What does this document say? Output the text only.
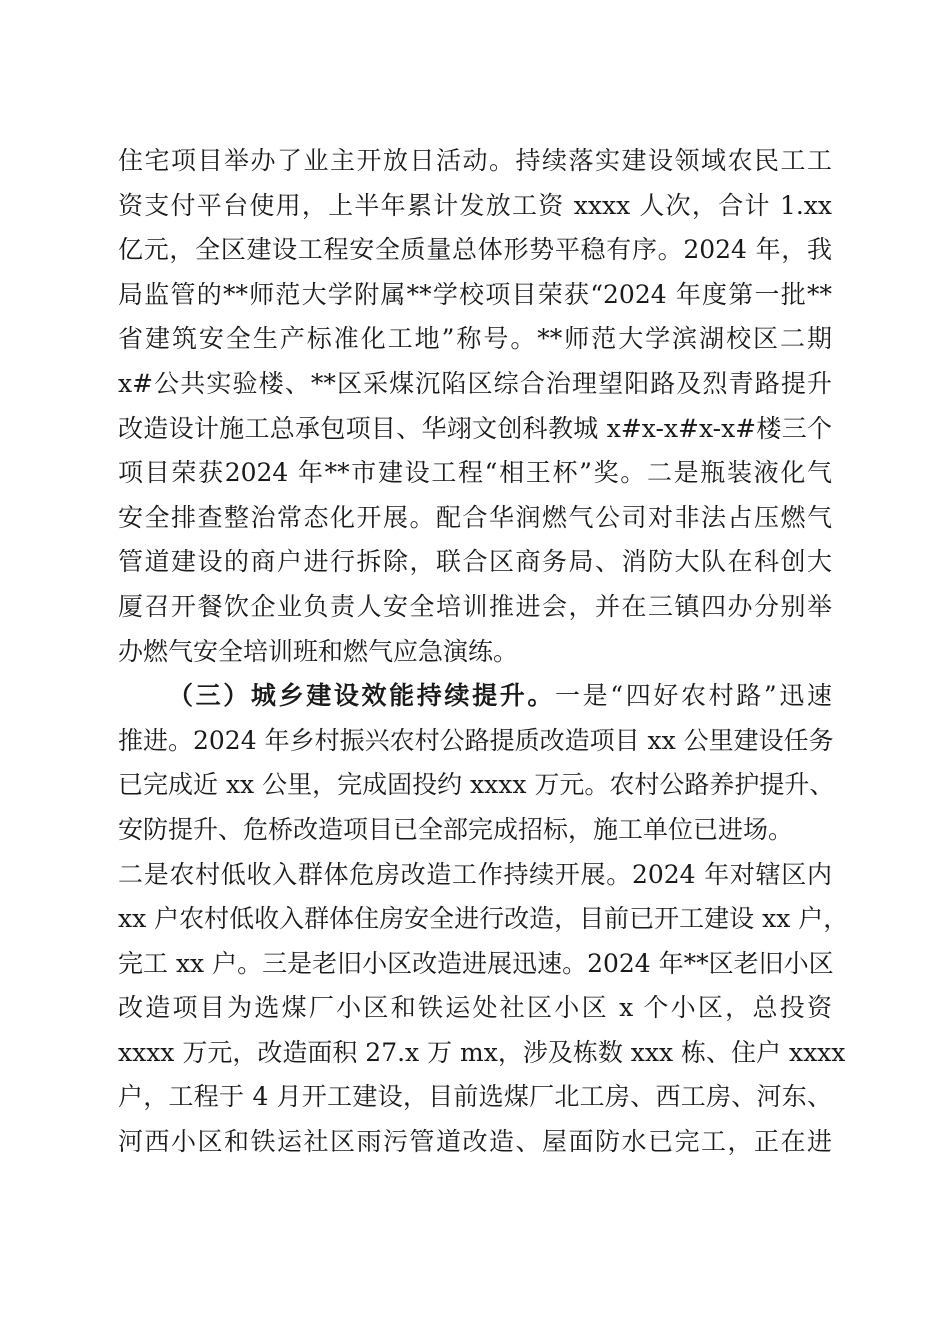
住宅项目举办了业主开放日活动。持续落实建设领域农民工工
资支付平台使用，上半年累计发放工资 xxxx 人次，合计 1.xx
亿元，全区建设工程安全质量总体形势平稳有序。2024 年，我
局监管的**师范大学附属**学校项目荣获“2024 年度第一批**
省建筑安全生产标准化工地”称号。**师范大学滨湖校区二期
x#公共实验楼、**区采煤沉陷区综合治理望阳路及烈青路提升
改造设计施工总承包项目、华翊文创科教城 x#x-x#x-x#楼三个
项目荣获2024 年**市建设工程“相王杯”奖。二是瓶装液化气
安全排查整治常态化开展。配合华润燃气公司对非法占压燃气
管道建设的商户进行拆除，联合区商务局、消防大队在科创大
厦召开餐饮企业负责人安全培训推进会，并在三镇四办分别举
办燃气安全培训班和燃气应急演练。
（三）城乡建设效能持续提升。一是“四好农村路”迅速
推进。2024 年乡村振兴农村公路提质改造项目 xx 公里建设任务
已完成近 xx 公里，完成固投约 xxxx 万元。农村公路养护提升、
安防提升、危桥改造项目已全部完成招标，施工单位已进场。
二是农村低收入群体危房改造工作持续开展。2024 年对辖区内
xx 户农村低收入群体住房安全进行改造，目前已开工建设 xx 户，
完工 xx 户。三是老旧小区改造进展迅速。2024 年**区老旧小区
改造项目为选煤厂小区和铁运处社区小区 x 个小区，总投资
xxxx 万元，改造面积 27.x 万 mx，涉及栋数 xxx 栋、住户 xxxx
户，工程于 4 月开工建设，目前选煤厂北工房、西工房、河东、
河西小区和铁运社区雨污管道改造、屋面防水已完工，正在进
